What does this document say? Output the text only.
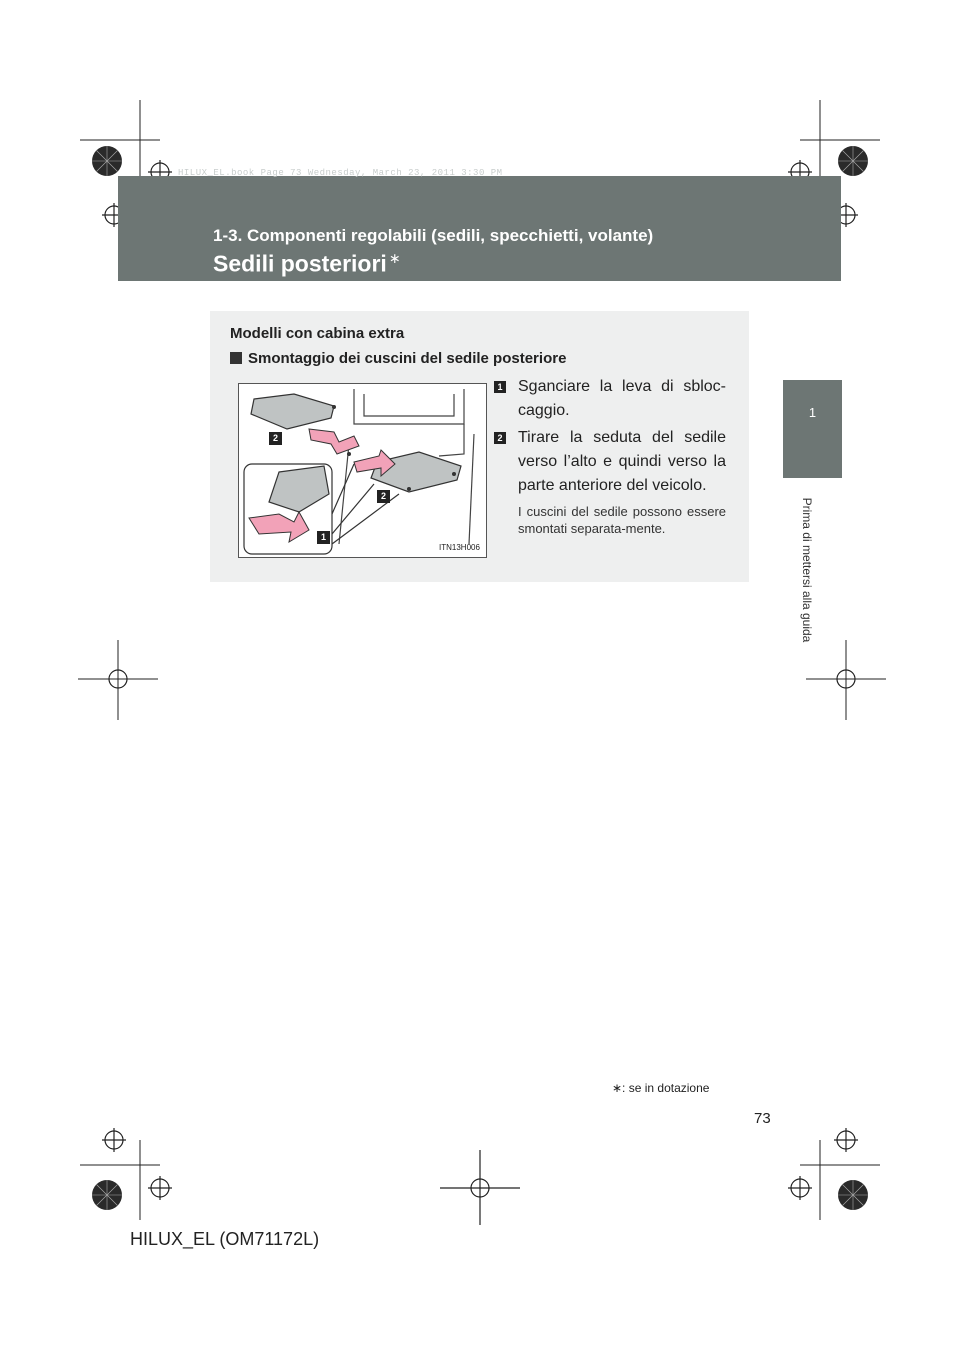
HILUX_EL.book Page 73 Wednesday, March 23, 2011 3:30 PM
1-3. Componenti regolabili (sedili, specchietti, volante)
Sedili posteriori ∗
1
Prima di mettersi alla guida
Modelli con cabina extra
Smontaggio dei cuscini del sedile posteriore
2
2
1
ITN13H006
1 Sganciare la leva di sbloc-caggio.
2 Tirare la seduta del sedile verso l’alto e quindi verso la parte anteriore del veicolo.
I cuscini del sedile possono essere smontati separata-mente.
∗: se in dotazione
73
HILUX_EL (OM71172L)
